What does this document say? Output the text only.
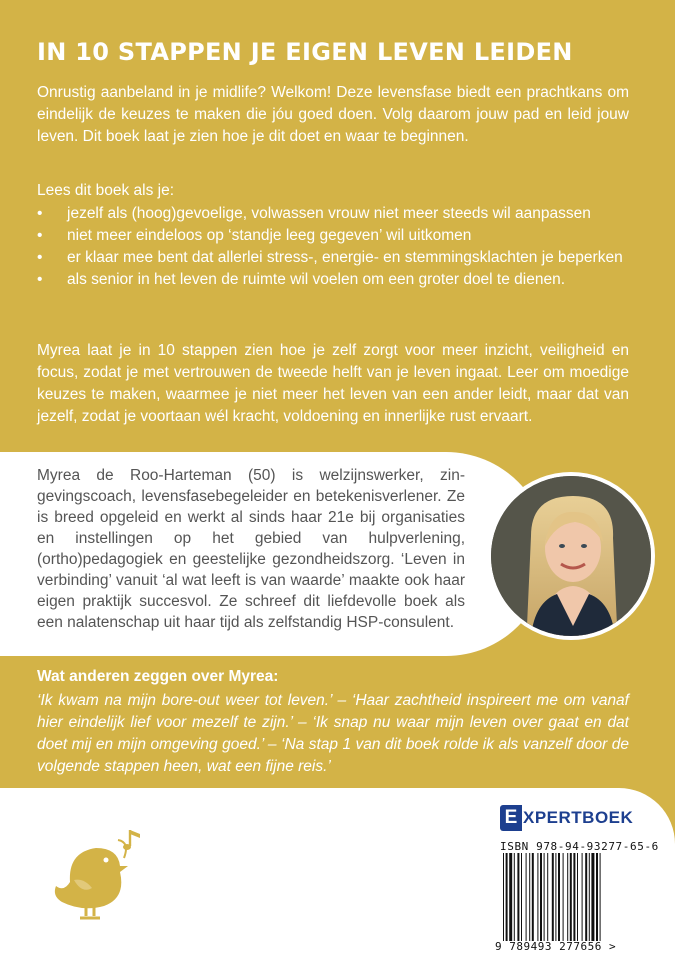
IN 10 STAPPEN JE EIGEN LEVEN LEIDEN
Onrustig aanbeland in je midlife? Welkom! Deze levensfase biedt een prachtkans om eindelijk de keuzes te maken die jóu goed doen. Volg daarom jouw pad en leid jouw leven. Dit boek laat je zien hoe je dit doet en waar te beginnen.
Lees dit boek als je:
• jezelf als (hoog)gevoelige, volwassen vrouw niet meer steeds wil aanpassen
• niet meer eindeloos op ‘standje leeg gegeven’ wil uitkomen
• er klaar mee bent dat allerlei stress-, energie- en stemmingsklachten je beperken
• als senior in het leven de ruimte wil voelen om een groter doel te dienen.
Myrea laat je in 10 stappen zien hoe je zelf zorgt voor meer inzicht, veiligheid en focus, zodat je met vertrouwen de tweede helft van je leven ingaat. Leer om moedige keuzes te maken, waarmee je niet meer het leven van een ander leidt, maar dat van jezelf, zodat je voortaan wél kracht, voldoening en innerlijke rust ervaart.
Myrea de Roo-Harteman (50) is welzijnswerker, zingevingscoach, levensfasebegeleider en betekenisverlener. Ze is breed opgeleid en werkt al sinds haar 21e bij organisaties en instellingen op het gebied van hulpverlening, (ortho)pedagogiek en geestelijke gezondheidszorg. ‘Leven in verbinding’ vanuit ‘al wat leeft is van waarde’ maakte ook haar eigen praktijk succesvol. Ze schreef dit liefdevolle boek als een nalatenschap uit haar tijd als zelfstandig HSP-consulent.
Wat anderen zeggen over Myrea:
‘Ik kwam na mijn bore-out weer tot leven.’ – ‘Haar zachtheid inspireert me om vanaf hier eindelijk lief voor mezelf te zijn.’ – ‘Ik snap nu waar mijn leven over gaat en dat doet mij en mijn omgeving goed.’ – ‘Na stap 1 van dit boek rolde ik als vanzelf door de volgende stappen heen, wat een fijne reis.’
E XPERTBOEK
ISBN 978-94-93277-65-6
9 789493 277656 >
